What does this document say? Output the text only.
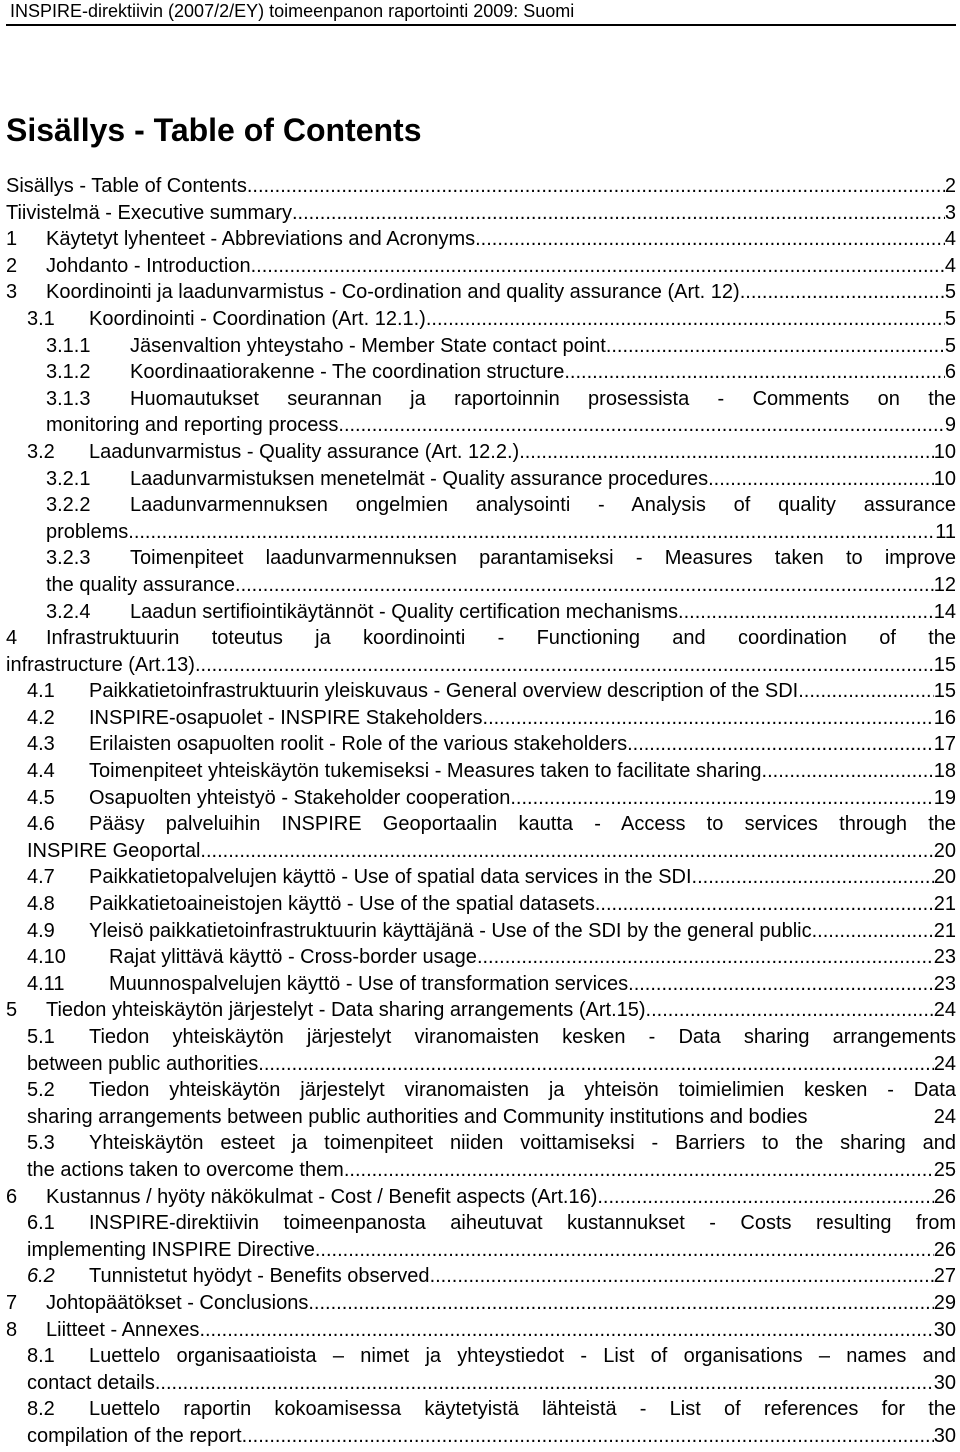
INSPIRE-direktiivin (2007/2/EY) toimeenpanon raportointi 2009: Suomi
Sisällys - Table of Contents
Sisällys - Table of Contents .....	2
Tiivistelmä - Executive summary .....	3
1	Käytetyt lyhenteet - Abbreviations and Acronyms .....	4
2	Johdanto - Introduction .....	4
3	Koordinointi ja laadunvarmistus - Co-ordination and quality assurance (Art. 12) .....	5
3.1	Koordinointi - Coordination (Art. 12.1.) .....	5
3.1.1	Jäsenvaltion yhteystaho - Member State contact point .....	5
3.1.2	Koordinaatiorakenne - The coordination structure .....	6
3.1.3	Huomautukset seurannan ja raportoinnin prosessista - Comments on the
monitoring and reporting process .....	9
3.2	Laadunvarmistus - Quality assurance (Art. 12.2.) .....	10
3.2.1	Laadunvarmistuksen menetelmät - Quality assurance procedures .....	10
3.2.2	Laadunvarmennuksen ongelmien analysointi - Analysis of quality assurance
problems .....	11
3.2.3	Toimenpiteet laadunvarmennuksen parantamiseksi - Measures taken to improve
the quality assurance .....	12
3.2.4	Laadun sertifiointikäytännöt - Quality certification mechanisms .....	14
4	Infrastruktuurin toteutus ja koordinointi - Functioning and coordination of the
infrastructure (Art.13) .....	15
4.1	Paikkatietoinfrastruktuurin yleiskuvaus - General overview description of the SDI .....	15
4.2	INSPIRE-osapuolet - INSPIRE Stakeholders .....	16
4.3	Erilaisten osapuolten roolit - Role of the various stakeholders .....	17
4.4	Toimenpiteet yhteiskäytön tukemiseksi - Measures taken to facilitate sharing .....	18
4.5	Osapuolten yhteistyö - Stakeholder cooperation .....	19
4.6	Pääsy palveluihin INSPIRE Geoportaalin kautta - Access to services through the
INSPIRE Geoportal .....	20
4.7	Paikkatietopalvelujen käyttö - Use of spatial data services in the SDI .....	20
4.8	Paikkatietoaineistojen käyttö - Use of the spatial datasets .....	21
4.9	Yleisö paikkatietoinfrastruktuurin käyttäjänä - Use of the SDI by the general public .....	21
4.10	Rajat ylittävä käyttö - Cross-border usage .....	23
4.11	Muunnospalvelujen käyttö - Use of transformation services .....	23
5	Tiedon yhteiskäytön järjestelyt - Data sharing arrangements (Art.15) .....	24
5.1	Tiedon yhteiskäytön järjestelyt viranomaisten kesken - Data sharing arrangements
between public authorities .....	24
5.2	Tiedon yhteiskäytön järjestelyt viranomaisten ja yhteisön toimielimien kesken - Data
sharing arrangements between public authorities and Community institutions and bodies	24
5.3	Yhteiskäytön esteet ja toimenpiteet niiden voittamiseksi - Barriers to the sharing and
the actions taken to overcome them .....	25
6	Kustannus / hyöty näkökulmat - Cost / Benefit aspects (Art.16) .....	26
6.1	INSPIRE-direktiivin toimeenpanosta aiheutuvat kustannukset - Costs resulting from
implementing INSPIRE Directive .....	26
6.2	Tunnistetut hyödyt - Benefits observed .....	27
7	Johtopäätökset - Conclusions .....	29
8	Liitteet - Annexes .....	30
8.1	Luettelo organisaatioista – nimet ja yhteystiedot - List of organisations – names and
contact details .....	30
8.2	Luettelo raportin kokoamisessa käytetyistä lähteistä - List of references for the
compilation of the report .....	30
